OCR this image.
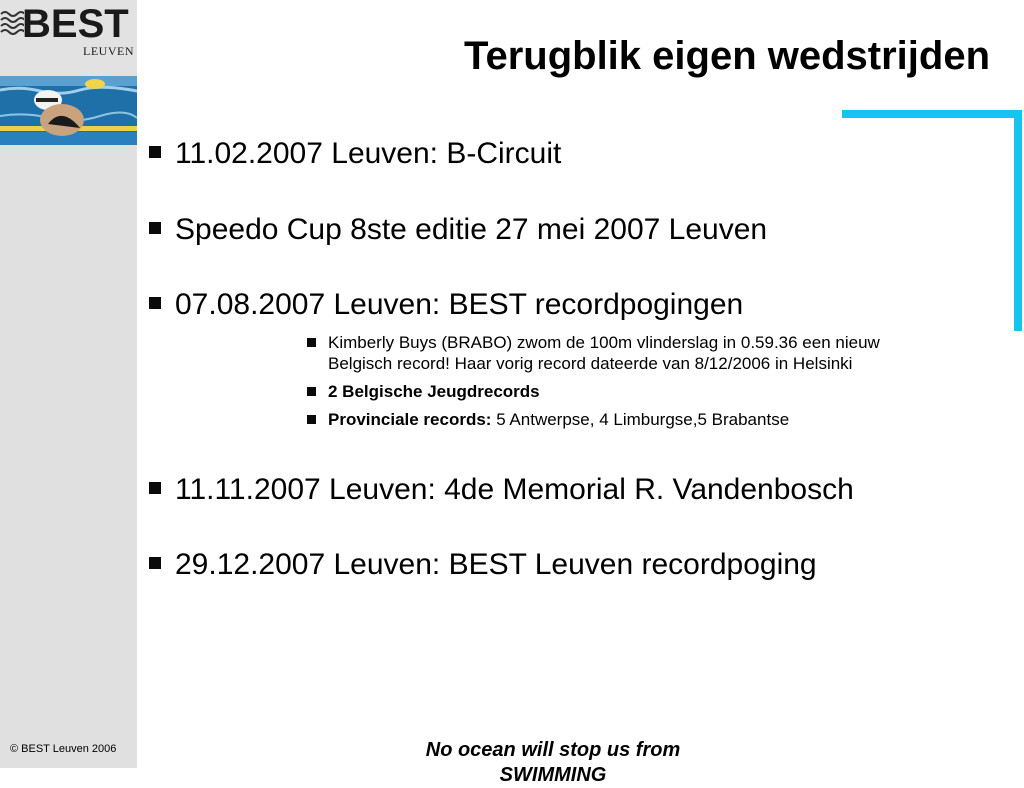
BEST
LEUVEN
© BEST Leuven 2006
Terugblik eigen wedstrijden
11.02.2007 Leuven: B-Circuit
Speedo Cup 8ste editie 27 mei 2007 Leuven
07.08.2007 Leuven: BEST recordpogingen
Kimberly Buys (BRABO) zwom de 100m vlinderslag in 0.59.36 een nieuw
Belgisch record! Haar vorig record dateerde van 8/12/2006 in Helsinki
2 Belgische Jeugdrecords
Provinciale records: 5 Antwerpse, 4 Limburgse,5 Brabantse
11.11.2007 Leuven: 4de Memorial R. Vandenbosch
29.12.2007 Leuven: BEST Leuven recordpoging
No ocean will stop us from
SWIMMING
